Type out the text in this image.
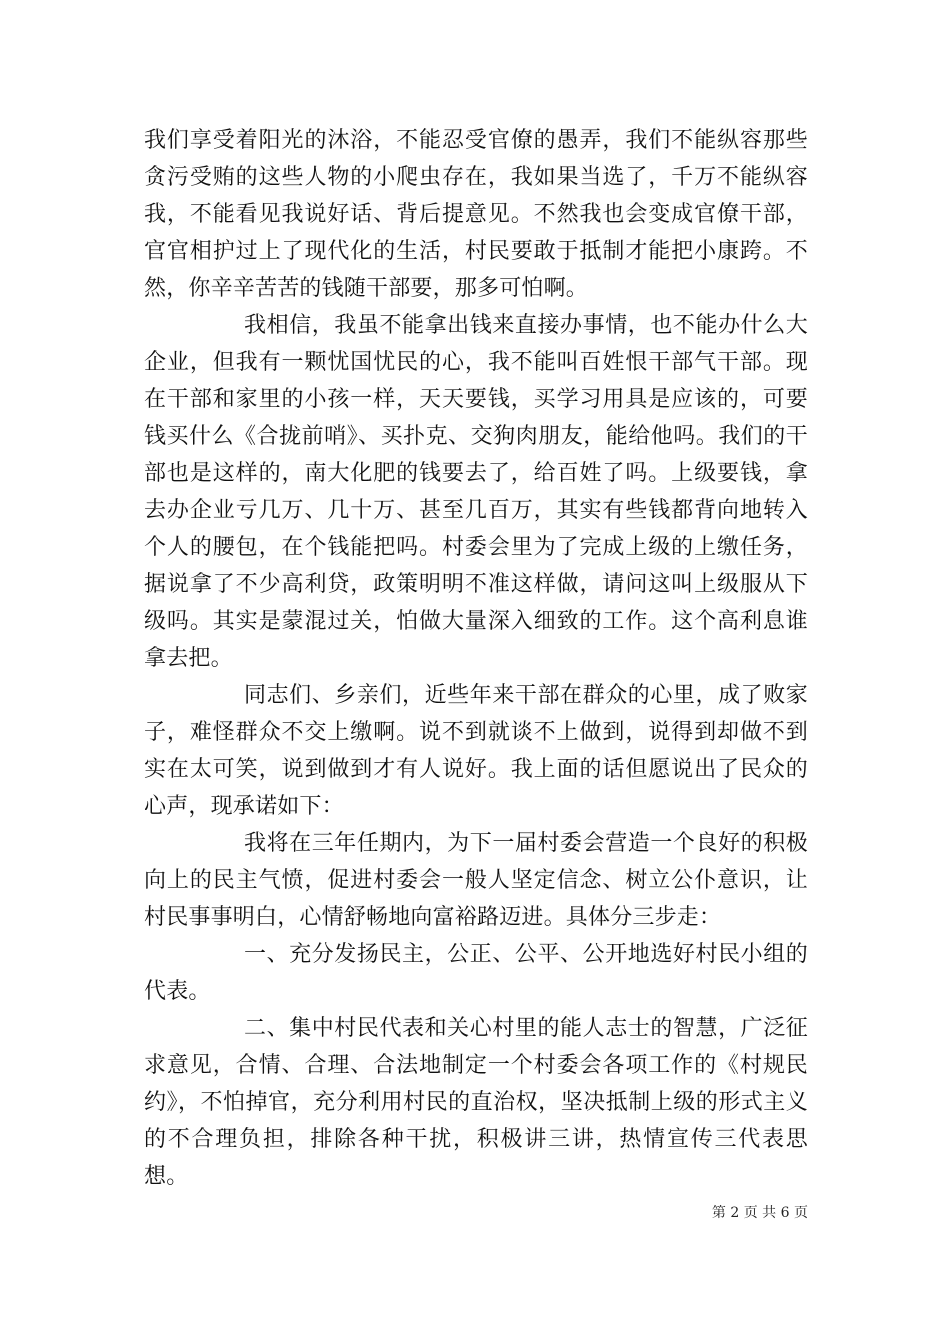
我们享受着阳光的沐浴，不能忍受官僚的愚弄，我们不能纵容那些贪污受贿的这些人物的小爬虫存在，我如果当选了，千万不能纵容我，不能看见我说好话、背后提意见。不然我也会变成官僚干部，官官相护过上了现代化的生活，村民要敢于抵制才能把小康跨。不然，你辛辛苦苦的钱随干部要，那多可怕啊。

我相信，我虽不能拿出钱来直接办事情，也不能办什么大企业，但我有一颗忧国忧民的心，我不能叫百姓恨干部气干部。现在干部和家里的小孩一样，天天要钱，买学习用具是应该的，可要钱买什么《合拢前哨》、买扑克、交狗肉朋友，能给他吗。我们的干部也是这样的，南大化肥的钱要去了，给百姓了吗。上级要钱，拿去办企业亏几万、几十万、甚至几百万，其实有些钱都背向地转入个人的腰包，在个钱能把吗。村委会里为了完成上级的上缴任务，据说拿了不少高利贷，政策明明不准这样做，请问这叫上级服从下级吗。其实是蒙混过关，怕做大量深入细致的工作。这个高利息谁拿去把。

同志们、乡亲们，近些年来干部在群众的心里，成了败家子，难怪群众不交上缴啊。说不到就谈不上做到，说得到却做不到实在太可笑，说到做到才有人说好。我上面的话但愿说出了民众的心声，现承诺如下：

我将在三年任期内，为下一届村委会营造一个良好的积极向上的民主气愤，促进村委会一般人坚定信念、树立公仆意识，让村民事事明白，心情舒畅地向富裕路迈进。具体分三步走：

一、充分发扬民主，公正、公平、公开地选好村民小组的代表。

二、集中村民代表和关心村里的能人志士的智慧，广泛征求意见，合情、合理、合法地制定一个村委会各项工作的《村规民约》，不怕掉官，充分利用村民的直治权，坚决抵制上级的形式主义的不合理负担，排除各种干扰，积极讲三讲，热情宣传三代表思想。

第 2 页 共 6 页
